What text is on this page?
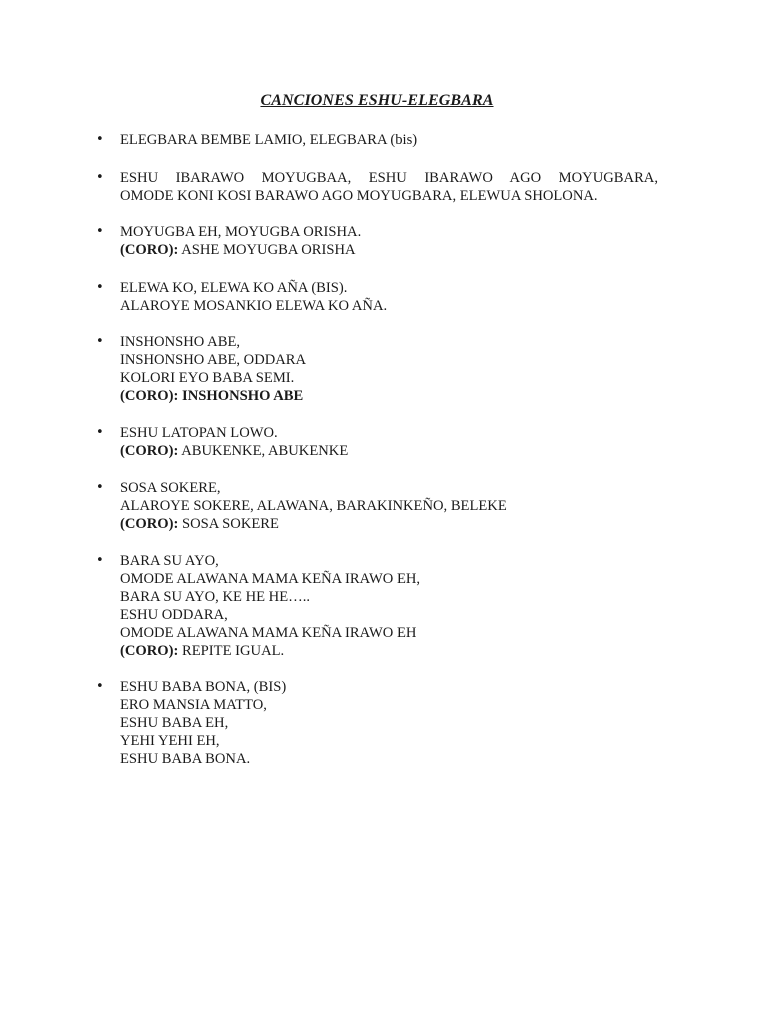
CANCIONES ESHU-ELEGBARA
• ELEGBARA BEMBE LAMIO, ELEGBARA (bis)
• ESHU IBARAWO MOYUGBAA, ESHU IBARAWO AGO MOYUGBARA,
OMODE KONI KOSI BARAWO AGO MOYUGBARA, ELEWUA SHOLONA.
• MOYUGBA EH, MOYUGBA ORISHA.
(CORO): ASHE MOYUGBA ORISHA
• ELEWA KO, ELEWA KO AÑA (BIS).
ALAROYE MOSANKIO ELEWA KO AÑA.
• INSHONSHO ABE,
INSHONSHO ABE, ODDARA
KOLORI EYO BABA SEMI.
(CORO): INSHONSHO ABE
• ESHU LATOPAN LOWO.
(CORO): ABUKENKE, ABUKENKE
• SOSA SOKERE,
ALAROYE SOKERE, ALAWANA, BARAKINKEÑO, BELEKE
(CORO): SOSA SOKERE
• BARA SU AYO,
OMODE ALAWANA MAMA KEÑA IRAWO EH,
BARA SU AYO, KE HE HE…..
ESHU ODDARA,
OMODE ALAWANA MAMA KEÑA IRAWO EH
(CORO): REPITE IGUAL.
• ESHU BABA BONA, (BIS)
ERO MANSIA MATTO,
ESHU BABA EH,
YEHI YEHI EH,
ESHU BABA BONA.
